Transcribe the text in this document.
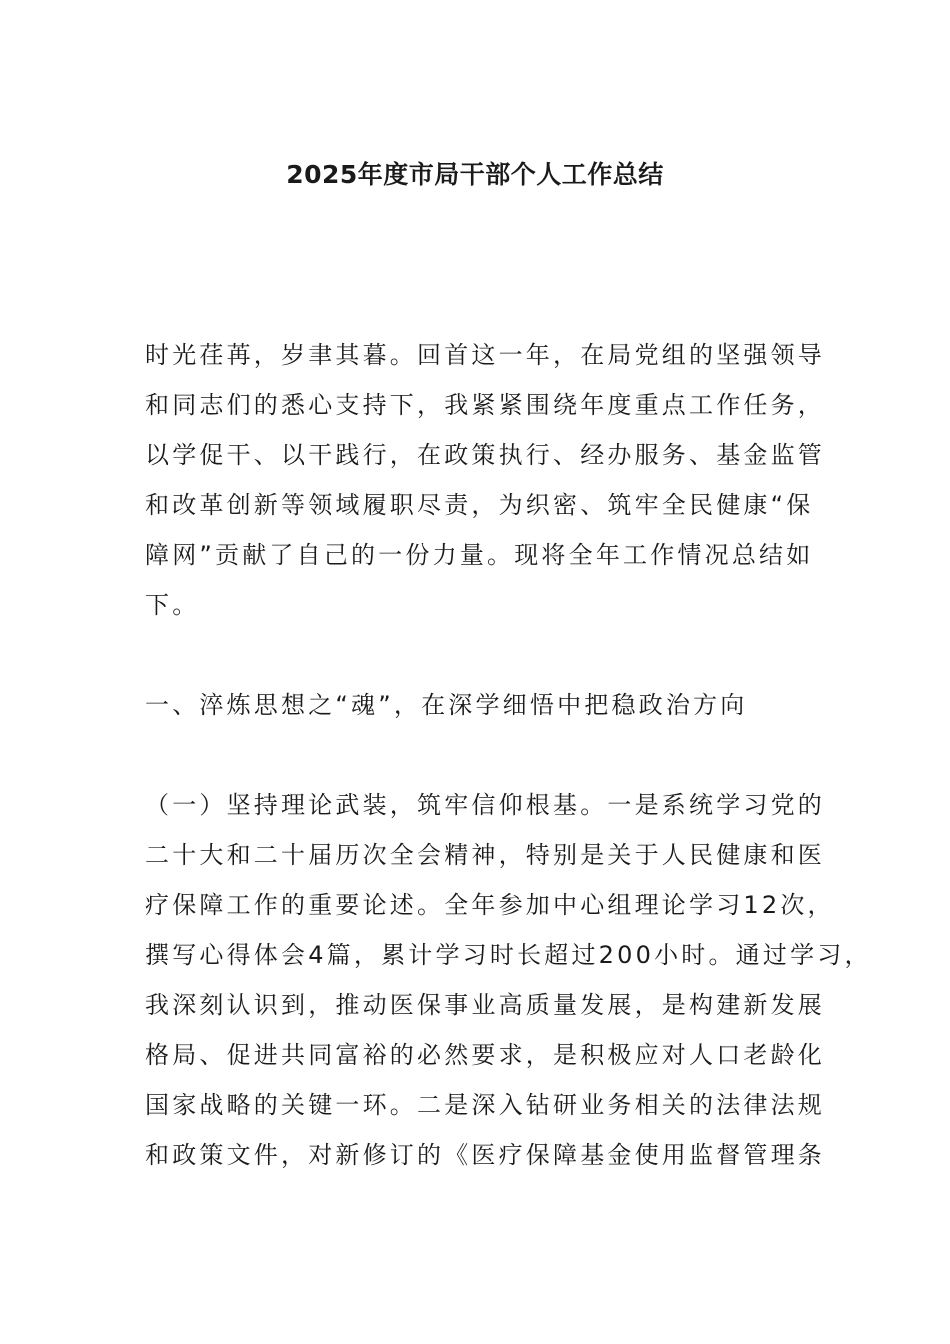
2025年度市局干部个人工作总结
时光荏苒，岁聿其暮。回首这一年，在局党组的坚强领导
和同志们的悉心支持下，我紧紧围绕年度重点工作任务，
以学促干、以干践行，在政策执行、经办服务、基金监管
和改革创新等领域履职尽责，为织密、筑牢全民健康“保
障网”贡献了自己的一份力量。现将全年工作情况总结如
下。
一、淬炼思想之“魂”，在深学细悟中把稳政治方向
（一）坚持理论武装，筑牢信仰根基。一是系统学习党的
二十大和二十届历次全会精神，特别是关于人民健康和医
疗保障工作的重要论述。全年参加中心组理论学习12次，
撰写心得体会4篇，累计学习时长超过200小时。通过学习，
我深刻认识到，推动医保事业高质量发展，是构建新发展
格局、促进共同富裕的必然要求，是积极应对人口老龄化
国家战略的关键一环。二是深入钻研业务相关的法律法规
和政策文件，对新修订的《医疗保障基金使用监督管理条
